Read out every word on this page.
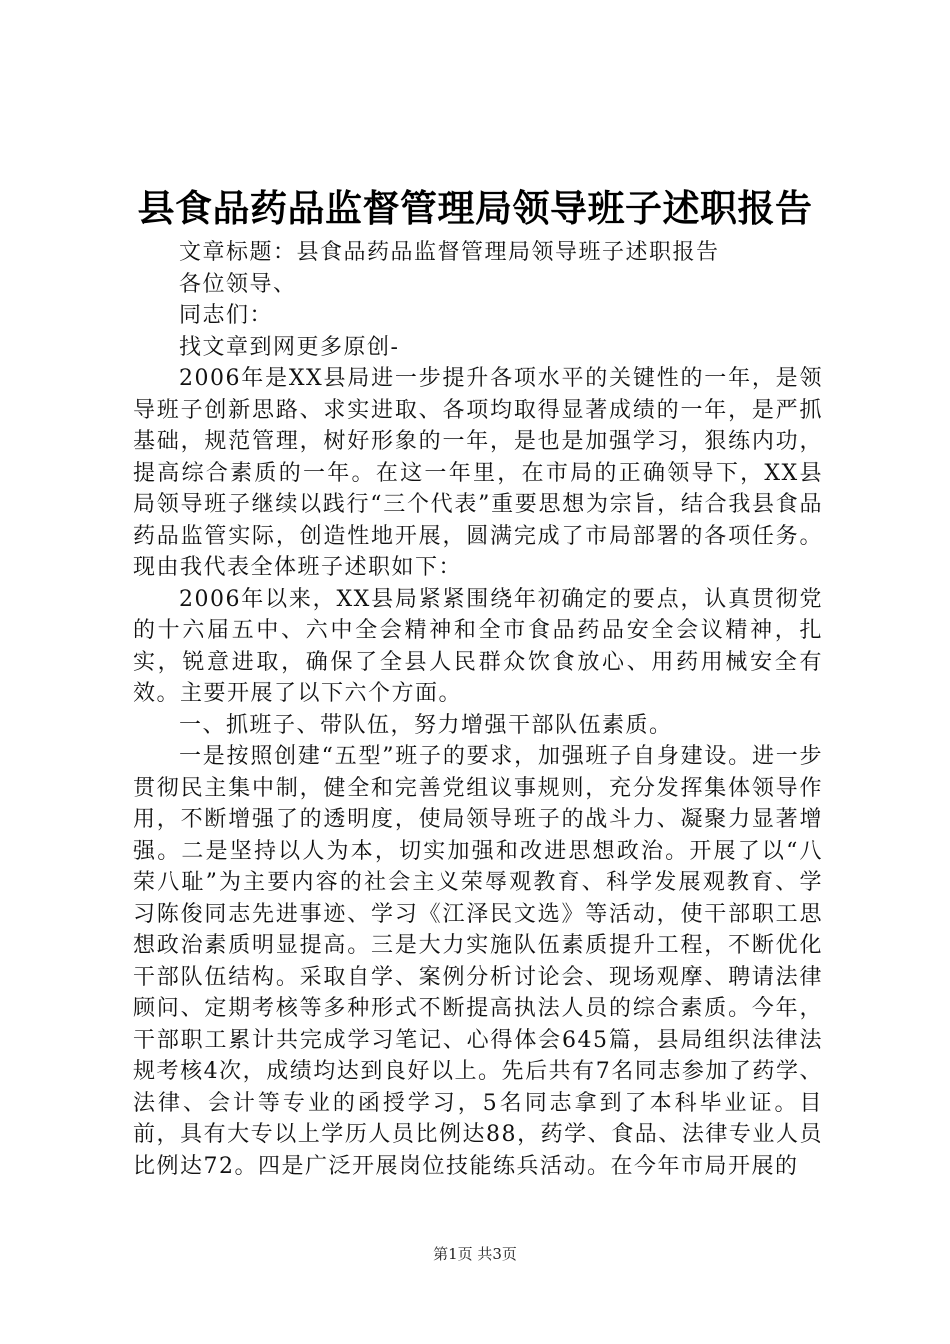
县食品药品监督管理局领导班子述职报告

文章标题：县食品药品监督管理局领导班子述职报告

各位领导、

同志们：

找文章到网更多原创-

2006年是XX县局进一步提升各项水平的关键性的一年，是领导班子创新思路、求实进取、各项均取得显著成绩的一年，是严抓基础，规范管理，树好形象的一年，是也是加强学习，狠练内功，提高综合素质的一年。在这一年里，在市局的正确领导下，XX县局领导班子继续以践行“三个代表”重要思想为宗旨，结合我县食品药品监管实际，创造性地开展，圆满完成了市局部署的各项任务。现由我代表全体班子述职如下：

2006年以来，XX县局紧紧围绕年初确定的要点，认真贯彻党的十六届五中、六中全会精神和全市食品药品安全会议精神，扎实，锐意进取，确保了全县人民群众饮食放心、用药用械安全有效。主要开展了以下六个方面。

一、抓班子、带队伍，努力增强干部队伍素质。

一是按照创建“五型”班子的要求，加强班子自身建设。进一步贯彻民主集中制，健全和完善党组议事规则，充分发挥集体领导作用，不断增强了的透明度，使局领导班子的战斗力、凝聚力显著增强。二是坚持以人为本，切实加强和改进思想政治。开展了以“八荣八耻”为主要内容的社会主义荣辱观教育、科学发展观教育、学习陈俊同志先进事迹、学习《江泽民文选》等活动，使干部职工思想政治素质明显提高。三是大力实施队伍素质提升工程，不断优化干部队伍结构。采取自学、案例分析讨论会、现场观摩、聘请法律顾问、定期考核等多种形式不断提高执法人员的综合素质。今年，干部职工累计共完成学习笔记、心得体会645篇，县局组织法律法规考核4次，成绩均达到良好以上。先后共有7名同志参加了药学、法律、会计等专业的函授学习，5名同志拿到了本科毕业证。目前，具有大专以上学历人员比例达88，药学、食品、法律专业人员比例达72。四是广泛开展岗位技能练兵活动。在今年市局开展的

第1页 共3页
